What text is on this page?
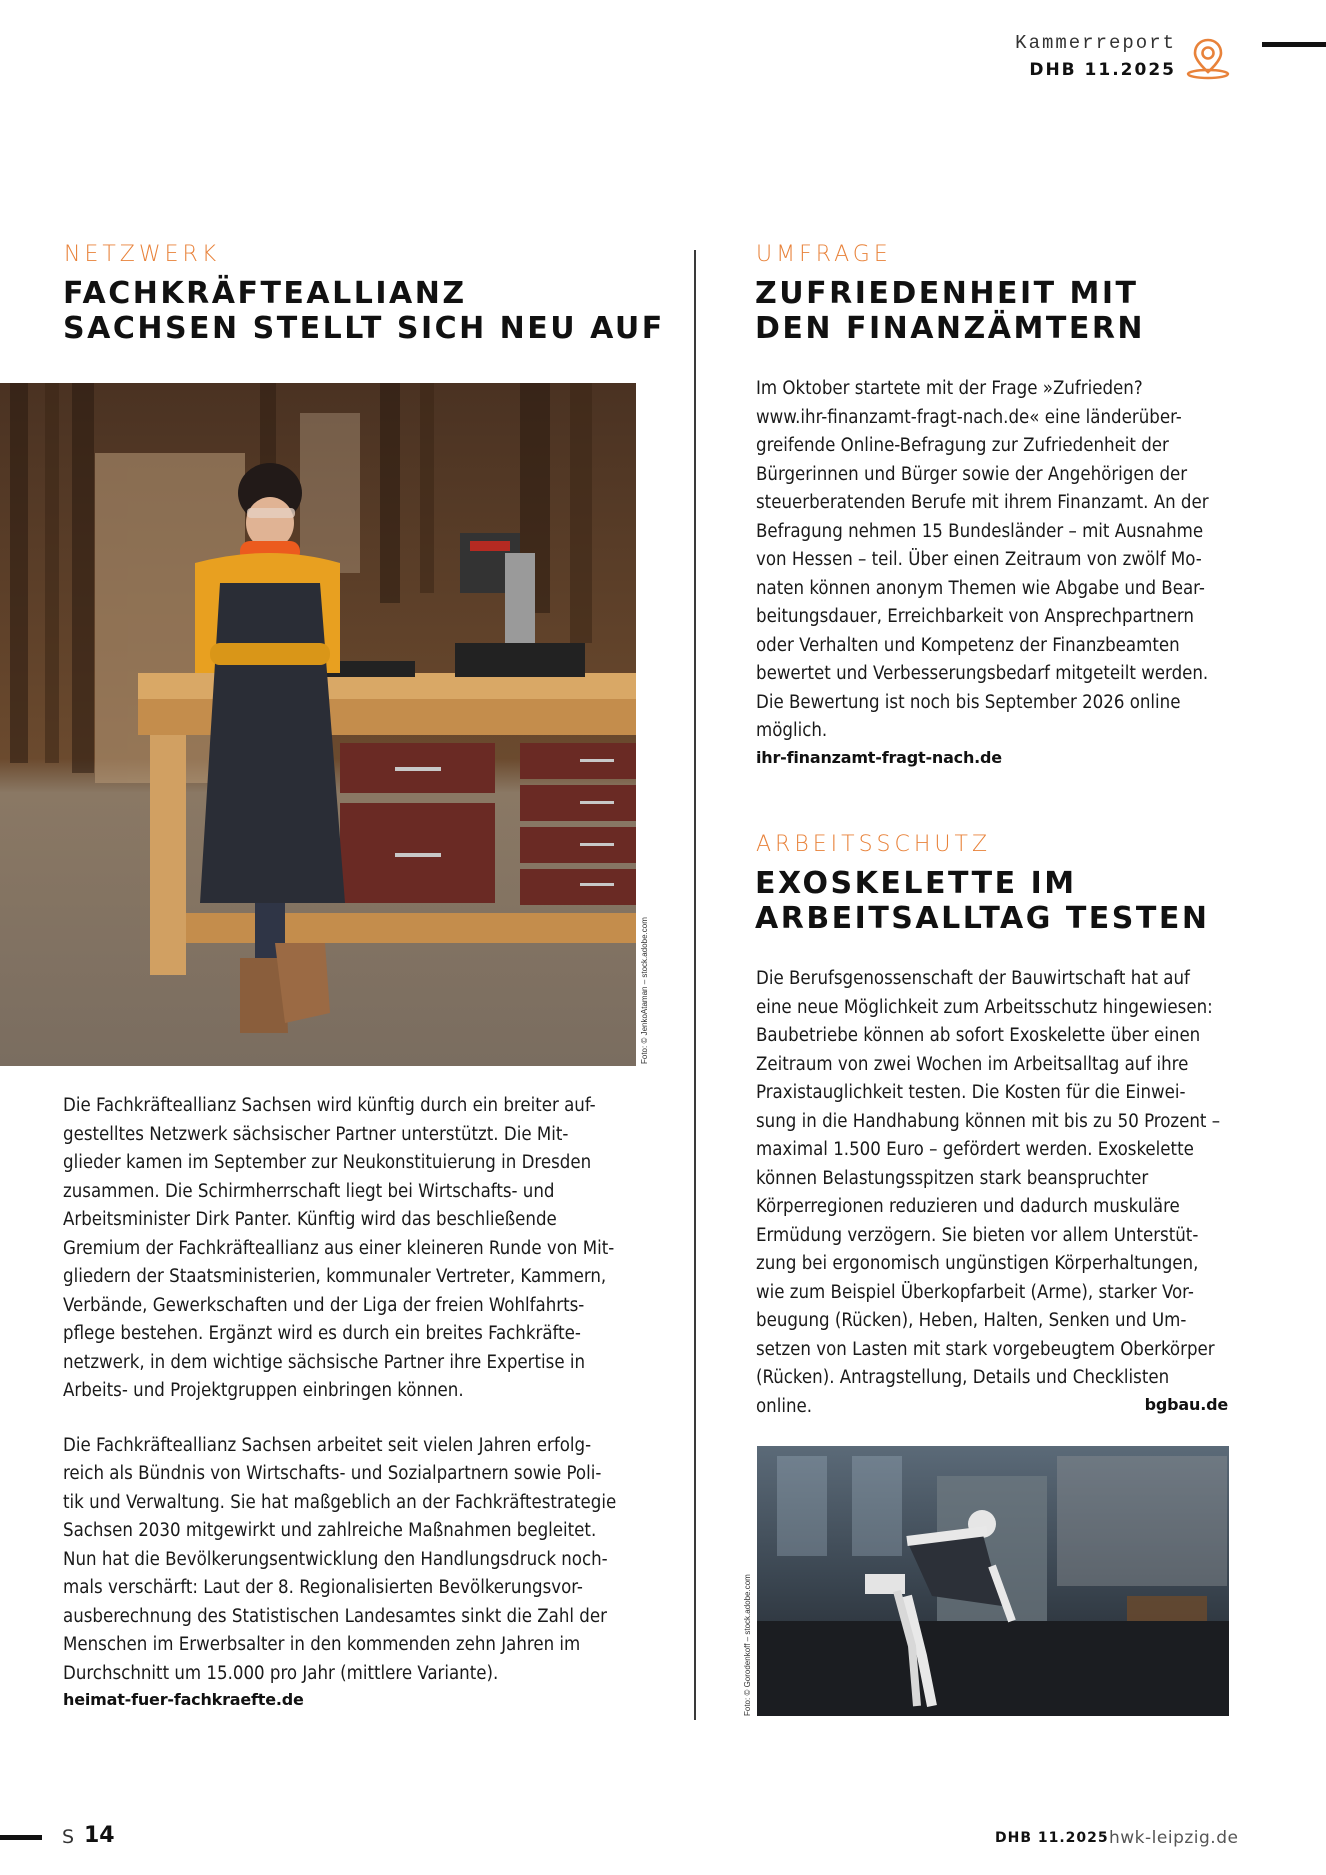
Kammerreport
DHB 11.2025
NETZWERK
FACHKRÄFTEALLIANZ
SACHSEN STELLT SICH NEU AUF
Foto: © JenkoAtaman – stock.adobe.com

Die Fachkräfteallianz Sachsen wird künftig durch ein breiter auf-
gestelltes Netzwerk sächsischer Partner unterstützt. Die Mit-
glieder kamen im September zur Neukonstituierung in Dresden
zusammen. Die Schirmherrschaft liegt bei Wirtschafts- und
Arbeitsminister Dirk Panter. Künftig wird das beschließende
Gremium der Fachkräfteallianz aus einer kleineren Runde von Mit-
gliedern der Staatsministerien, kommunaler Vertreter, Kammern,
Verbände, Gewerkschaften und der Liga der freien Wohlfahrts-
pflege bestehen. Ergänzt wird es durch ein breites Fachkräfte-
netzwerk, in dem wichtige sächsische Partner ihre Expertise in
Arbeits- und Projektgruppen einbringen können.

Die Fachkräfteallianz Sachsen arbeitet seit vielen Jahren erfolg-
reich als Bündnis von Wirtschafts- und Sozialpartnern sowie Poli-
tik und Verwaltung. Sie hat maßgeblich an der Fachkräftestrategie
Sachsen 2030 mitgewirkt und zahlreiche Maßnahmen begleitet.
Nun hat die Bevölkerungsentwicklung den Handlungsdruck noch-
mals verschärft: Laut der 8. Regionalisierten Bevölkerungsvor-
ausberechnung des Statistischen Landesamtes sinkt die Zahl der
Menschen im Erwerbsalter in den kommenden zehn Jahren im
Durchschnitt um 15.000 pro Jahr (mittlere Variante).

heimat-fuer-fachkraefte.de
UMFRAGE
ZUFRIEDENHEIT MIT
DEN FINANZÄMTERN

Im Oktober startete mit der Frage »Zufrieden?
www.ihr-finanzamt-fragt-nach.de« eine länderüber-
greifende Online-Befragung zur Zufriedenheit der
Bürgerinnen und Bürger sowie der Angehörigen der
steuerberatenden Berufe mit ihrem Finanzamt. An der
Befragung nehmen 15 Bundesländer – mit Ausnahme
von Hessen – teil. Über einen Zeitraum von zwölf Mo-
naten können anonym Themen wie Abgabe und Bear-
beitungsdauer, Erreichbarkeit von Ansprechpartnern
oder Verhalten und Kompetenz der Finanzbeamten
bewertet und Verbesserungsbedarf mitgeteilt werden.
Die Bewertung ist noch bis September 2026 online
möglich.

ihr-finanzamt-fragt-nach.de
ARBEITSSCHUTZ
EXOSKELETTE IM
ARBEITSALLTAG TESTEN

Die Berufsgenossenschaft der Bauwirtschaft hat auf
eine neue Möglichkeit zum Arbeitsschutz hingewiesen:
Baubetriebe können ab sofort Exoskelette über einen
Zeitraum von zwei Wochen im Arbeitsalltag auf ihre
Praxistauglichkeit testen. Die Kosten für die Einwei-
sung in die Handhabung können mit bis zu 50 Prozent –
maximal 1.500 Euro – gefördert werden. Exoskelette
können Belastungsspitzen stark beanspruchter
Körperregionen reduzieren und dadurch muskuläre
Ermüdung verzögern. Sie bieten vor allem Unterstüt-
zung bei ergonomisch ungünstigen Körperhaltungen,
wie zum Beispiel Überkopfarbeit (Arme), starker Vor-
beugung (Rücken), Heben, Halten, Senken und Um-
setzen von Lasten mit stark vorgebeugtem Oberkörper
(Rücken). Antragstellung, Details und Checklisten
online.	bgbau.de
Foto: © Gorodenkoff – stock.adobe.com
S 14	DHB 11.2025 hwk-leipzig.de
